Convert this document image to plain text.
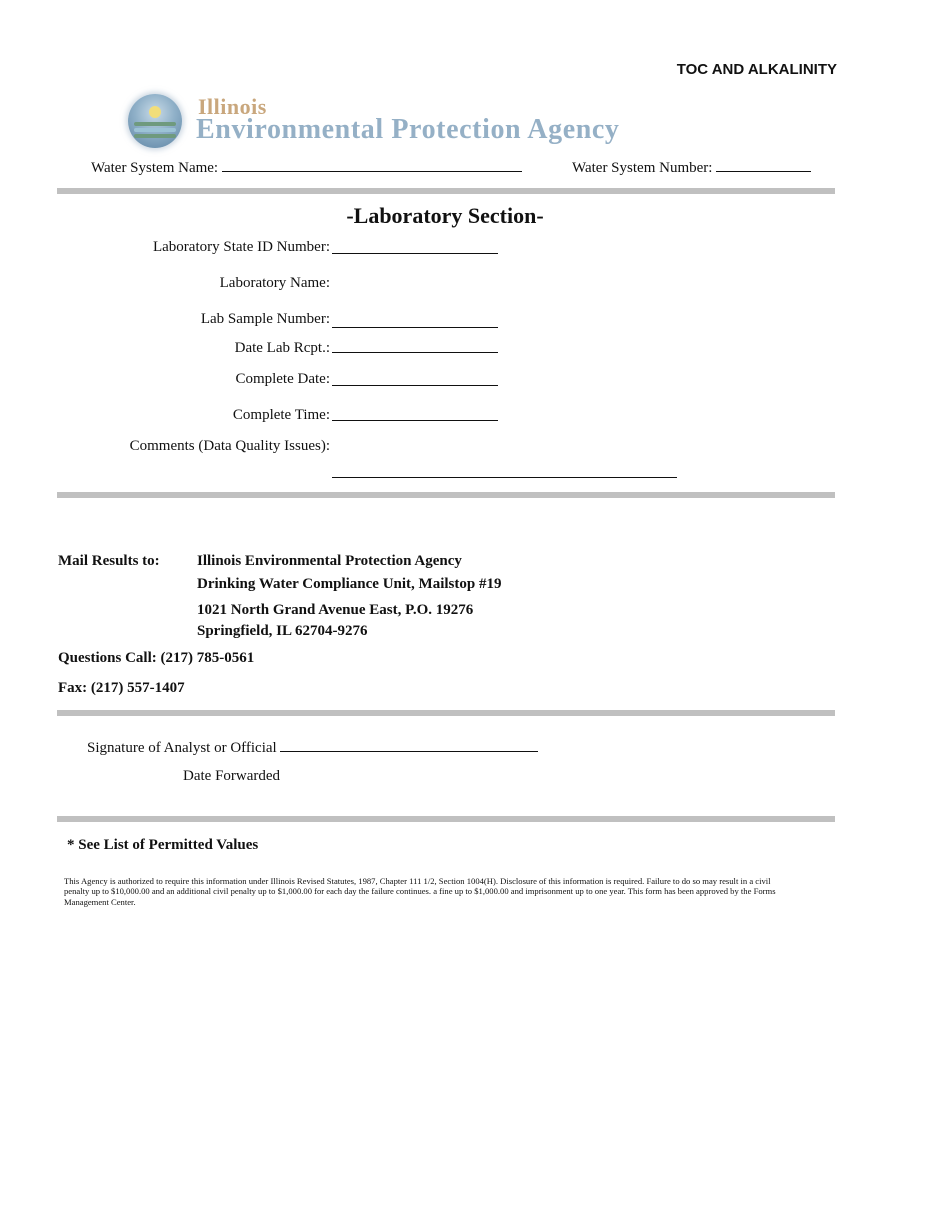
TOC AND ALKALINITY
Illinois
Environmental Protection Agency
Water System Name:	Water System Number:
-Laboratory Section-
Laboratory State ID Number:
Laboratory Name:
Lab Sample Number:
Date Lab Rcpt.:
Complete Date:
Complete Time:
Comments (Data Quality Issues):
Mail Results to: Illinois Environmental Protection Agency
Drinking Water Compliance Unit, Mailstop #19
1021 North Grand Avenue East, P.O. 19276
Springfield, IL 62704-9276
Questions Call: (217) 785-0561
Fax: (217) 557-1407
Signature of Analyst or Official
Date Forwarded
* See List of Permitted Values
This Agency is authorized to require this information under Illinois Revised Statutes, 1987, Chapter 111 1/2, Section 1004(H). Disclosure of this information is required. Failure to do so may result in a civil penalty up to $10,000.00 and an additional civil penalty up to $1,000.00 for each day the failure continues. a fine up to $1,000.00 and imprisonment up to one year. This form has been approved by the Forms Management Center.
